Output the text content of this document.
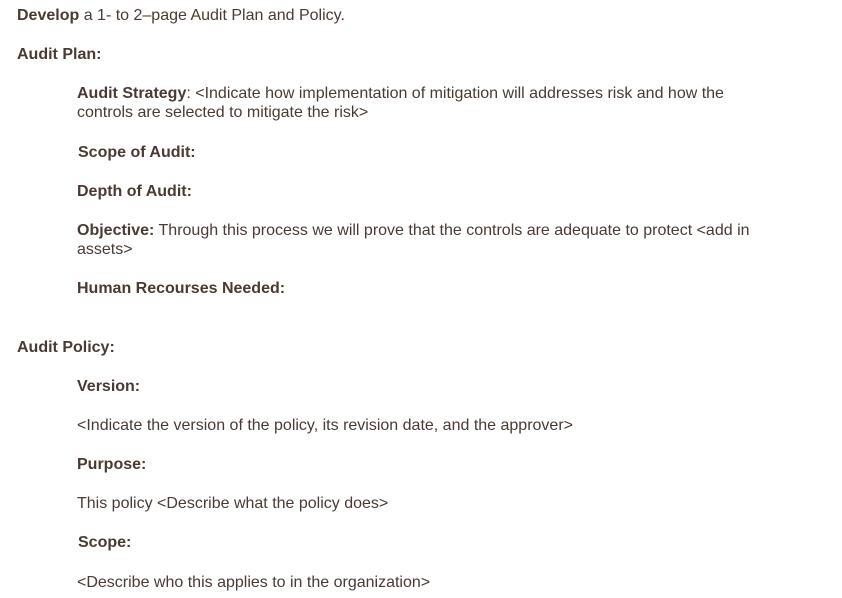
Develop a 1- to 2–page Audit Plan and Policy.
Audit Plan:
Audit Strategy: <Indicate how implementation of mitigation will addresses risk and how the controls are selected to mitigate the risk>
Scope of Audit:
Depth of Audit:
Objective: Through this process we will prove that the controls are adequate to protect <add in assets>
Human Recourses Needed:
Audit Policy:
Version:
<Indicate the version of the policy, its revision date, and the approver>
Purpose:
This policy <Describe what the policy does>
Scope:
<Describe who this applies to in the organization>
